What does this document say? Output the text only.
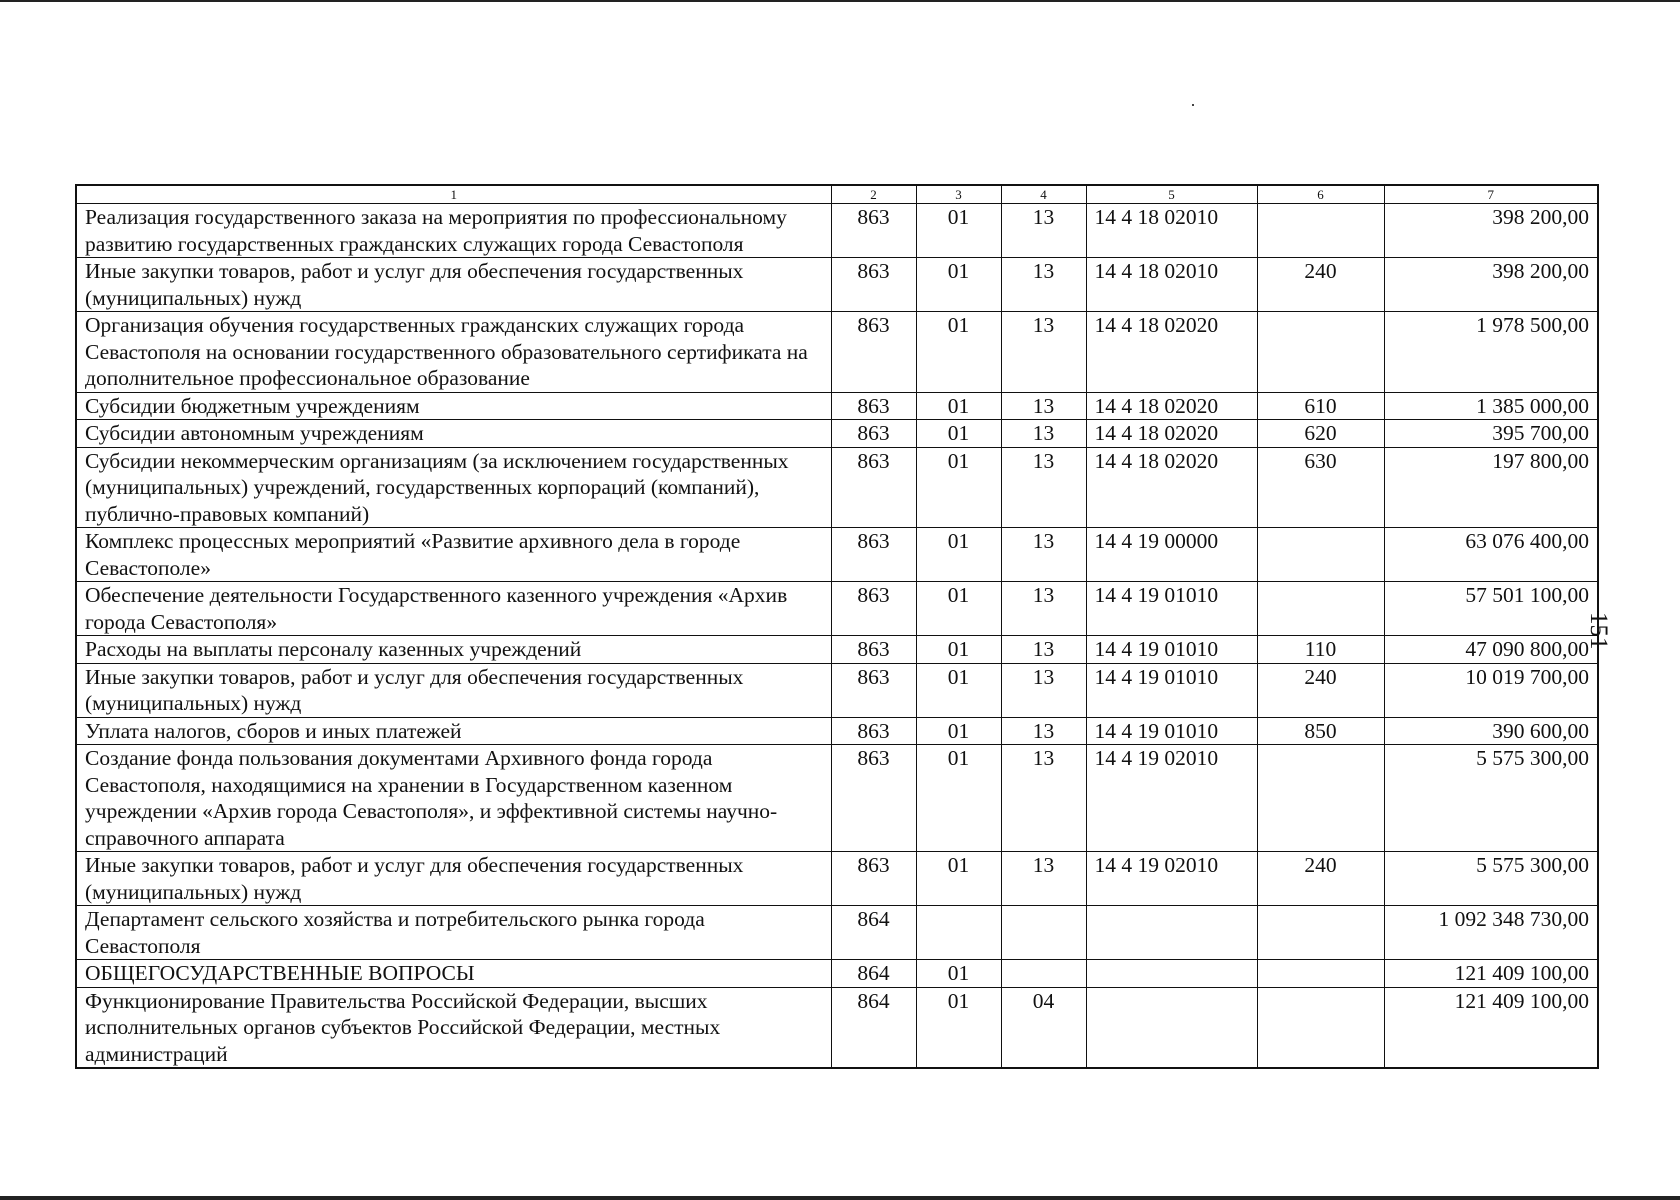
1	2	3	4	5	6	7
Реализация государственного заказа на мероприятия по профессиональному развитию государственных гражданских служащих города Севастополя	863	01	13	14 4 18 02010		398 200,00
Иные закупки товаров, работ и услуг для обеспечения государственных (муниципальных) нужд	863	01	13	14 4 18 02010	240	398 200,00
Организация обучения государственных гражданских служащих города Севастополя на основании государственного образовательного сертификата на дополнительное профессиональное образование	863	01	13	14 4 18 02020		1 978 500,00
Субсидии бюджетным учреждениям	863	01	13	14 4 18 02020	610	1 385 000,00
Субсидии автономным учреждениям	863	01	13	14 4 18 02020	620	395 700,00
Субсидии некоммерческим организациям (за исключением государственных (муниципальных) учреждений, государственных корпораций (компаний), публично-правовых компаний)	863	01	13	14 4 18 02020	630	197 800,00
Комплекс процессных мероприятий «Развитие архивного дела в городе Севастополе»	863	01	13	14 4 19 00000		63 076 400,00
Обеспечение деятельности Государственного казенного учреждения «Архив города Севастополя»	863	01	13	14 4 19 01010		57 501 100,00
Расходы на выплаты персоналу казенных учреждений	863	01	13	14 4 19 01010	110	47 090 800,00
Иные закупки товаров, работ и услуг для обеспечения государственных (муниципальных) нужд	863	01	13	14 4 19 01010	240	10 019 700,00
Уплата налогов, сборов и иных платежей	863	01	13	14 4 19 01010	850	390 600,00
Создание фонда пользования документами Архивного фонда города Севастополя, находящимися на хранении в Государственном казенном учреждении «Архив города Севастополя», и эффективной системы научно-справочного аппарата	863	01	13	14 4 19 02010		5 575 300,00
Иные закупки товаров, работ и услуг для обеспечения государственных (муниципальных) нужд	863	01	13	14 4 19 02010	240	5 575 300,00
Департамент сельского хозяйства и потребительского рынка города Севастополя	864					1 092 348 730,00
ОБЩЕГОСУДАРСТВЕННЫЕ ВОПРОСЫ	864	01				121 409 100,00
Функционирование Правительства Российской Федерации, высших исполнительных органов субъектов Российской Федерации, местных администраций	864	01	04			121 409 100,00
151
